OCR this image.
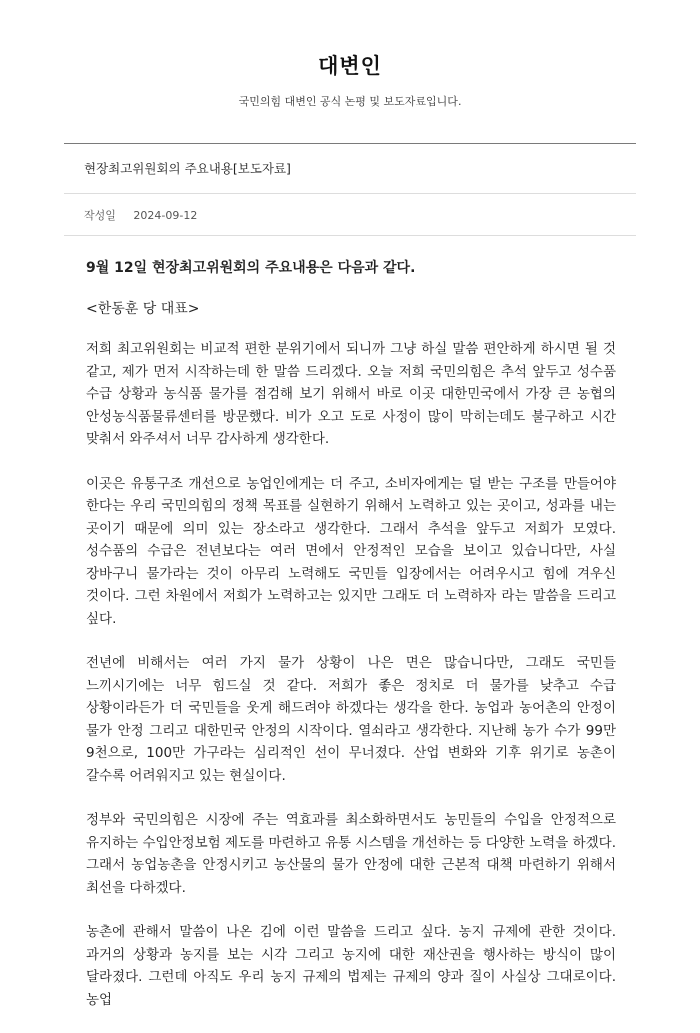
대변인
국민의힘 대변인 공식 논평 및 보도자료입니다.
현장최고위원회의 주요내용[보도자료]
작성일 2024-09-12

9월 12일 현장최고위원회의 주요내용은 다음과 같다.

<한동훈 당 대표>

저희 최고위원회는 비교적 편한 분위기에서 되니까 그냥 하실 말씀 편안하게 하시면 될 것 같고, 제가 먼저 시작하는데 한 말씀 드리겠다. 오늘 저희 국민의힘은 추석 앞두고 성수품 수급 상황과 농식품 물가를 점검해 보기 위해서 바로 이곳 대한민국에서 가장 큰 농협의 안성농식품물류센터를 방문했다. 비가 오고 도로 사정이 많이 막히는데도 불구하고 시간 맞춰서 와주셔서 너무 감사하게 생각한다.

이곳은 유통구조 개선으로 농업인에게는 더 주고, 소비자에게는 덜 받는 구조를 만들어야 한다는 우리 국민의힘의 정책 목표를 실현하기 위해서 노력하고 있는 곳이고, 성과를 내는 곳이기 때문에 의미 있는 장소라고 생각한다. 그래서 추석을 앞두고 저희가 모였다. 성수품의 수급은 전년보다는 여러 면에서 안정적인 모습을 보이고 있습니다만, 사실 장바구니 물가라는 것이 아무리 노력해도 국민들 입장에서는 어려우시고 힘에 겨우신 것이다. 그런 차원에서 저희가 노력하고는 있지만 그래도 더 노력하자 라는 말씀을 드리고 싶다.

전년에 비해서는 여러 가지 물가 상황이 나은 면은 많습니다만, 그래도 국민들 느끼시기에는 너무 힘드실 것 같다. 저희가 좋은 정치로 더 물가를 낮추고 수급 상황이라든가 더 국민들을 웃게 해드려야 하겠다는 생각을 한다. 농업과 농어촌의 안정이 물가 안정 그리고 대한민국 안정의 시작이다. 열쇠라고 생각한다. 지난해 농가 수가 99만 9천으로, 100만 가구라는 심리적인 선이 무너졌다. 산업 변화와 기후 위기로 농촌이 갈수록 어려워지고 있는 현실이다.

정부와 국민의힘은 시장에 주는 역효과를 최소화하면서도 농민들의 수입을 안정적으로 유지하는 수입안정보험 제도를 마련하고 유통 시스템을 개선하는 등 다양한 노력을 하겠다. 그래서 농업농촌을 안정시키고 농산물의 물가 안정에 대한 근본적 대책 마련하기 위해서 최선을 다하겠다.

농촌에 관해서 말씀이 나온 김에 이런 말씀을 드리고 싶다. 농지 규제에 관한 것이다. 과거의 상황과 농지를 보는 시각 그리고 농지에 대한 재산권을 행사하는 방식이 많이 달라졌다. 그런데 아직도 우리 농지 규제의 법제는 규제의 양과 질이 사실상 그대로이다. 농업
